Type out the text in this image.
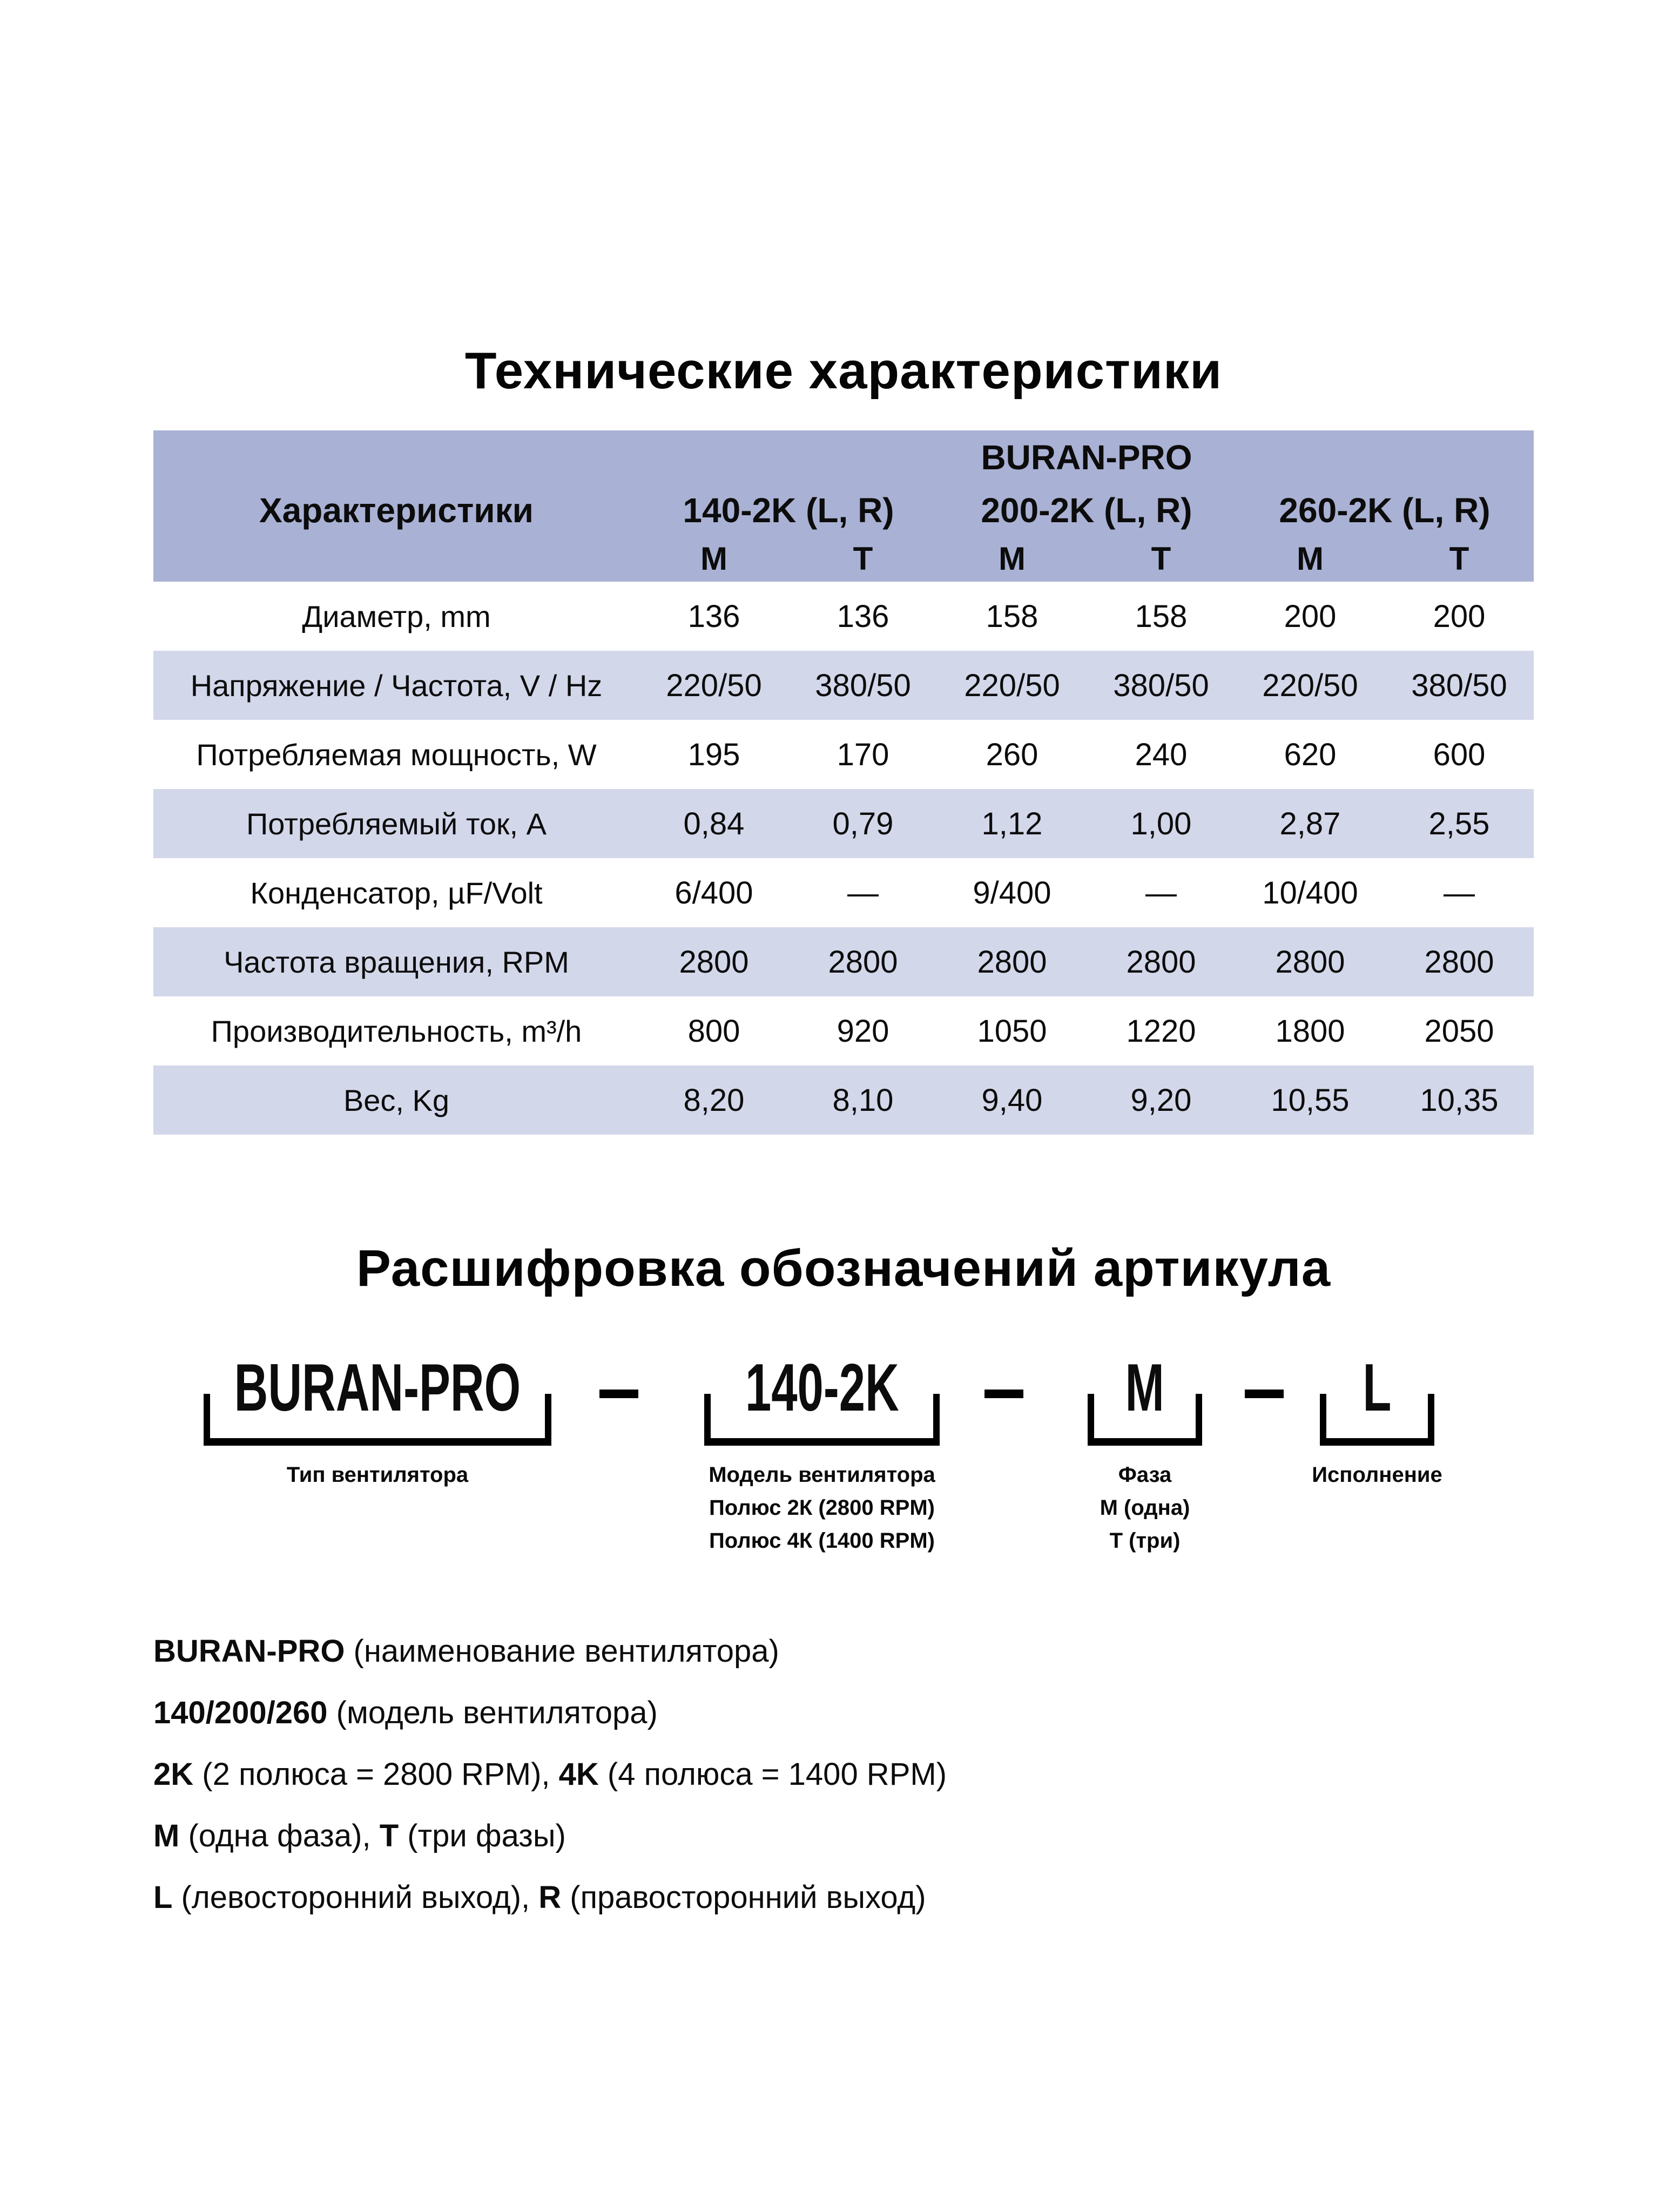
Технические характеристики
BURAN-PRO
Характеристики	140-2K (L, R)	200-2K (L, R)	260-2K (L, R)
M	T	M	T	M	T
Диаметр, mm	136	136	158	158	200	200
Напряжение / Частота, V / Hz	220/50	380/50	220/50	380/50	220/50	380/50
Потребляемая мощность, W	195	170	260	240	620	600
Потребляемый ток, A	0,84	0,79	1,12	1,00	2,87	2,55
Конденсатор, µF/Volt	6/400	—	9/400	—	10/400	—
Частота вращения, RPM	2800	2800	2800	2800	2800	2800
Производительность, m³/h	800	920	1050	1220	1800	2050
Вес, Kg	8,20	8,10	9,40	9,20	10,55	10,35
Расшифровка обозначений артикула
BURAN-PRO
Тип вентилятора
140-2K
Модель вентилятора
Полюс 2К (2800 RPM)
Полюс 4К (1400 RPM)
M
Фаза
М (одна)
Т (три)
L
Исполнение
BURAN-PRO (наименование вентилятора)
140/200/260 (модель вентилятора)
2K (2 полюса = 2800 RPM), 4K (4 полюса = 1400 RPM)
M (одна фаза), T (три фазы)
L (левосторонний выход), R (правосторонний выход)
